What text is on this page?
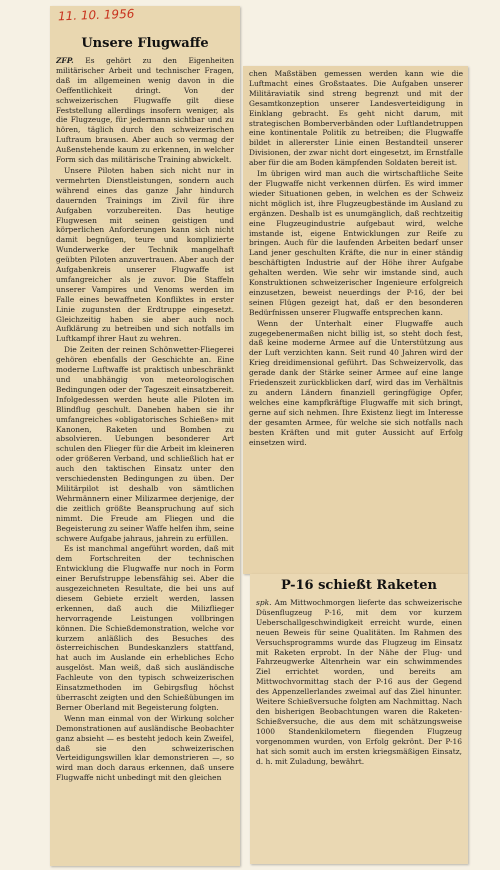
11. 10. 1956
Unsere Flugwaffe

ZFP. Es gehört zu den Eigenheiten militärischer Arbeit und technischer Fragen, daß im allgemeinen wenig davon in die Oeffentlichkeit dringt. Von der schweizerischen Flugwaffe gilt diese Feststellung allerdings insofern weniger, als die Flugzeuge, für jedermann sichtbar und zu hören, täglich durch den schweizerischen Luftraum brausen. Aber auch so vermag der Außenstehende kaum zu erkennen, in welcher Form sich das militärische Training abwickelt.

Unsere Piloten haben sich nicht nur in vermehrten Dienstleistungen, sondern auch während eines das ganze Jahr hindurch dauernden Trainings im Zivil für ihre Aufgaben vorzubereiten. Das heutige Flugwesen mit seinen geistigen und körperlichen Anforderungen kann sich nicht damit begnügen, teure und komplizierte Wunderwerke der Technik mangelhaft geübten Piloten anzuvertrauen. Aber auch der Aufgabenkreis unserer Flugwaffe ist umfangreicher als je zuvor. Die Staffeln unserer Vampires und Venoms werden im Falle eines bewaffneten Konfliktes in erster Linie zugunsten der Erdtruppe eingesetzt. Gleichzeitig haben sie aber auch noch Aufklärung zu betreiben und sich notfalls im Luftkampf ihrer Haut zu wehren.

Die Zeiten der reinen Schönwetter-Fliegerei gehören ebenfalls der Geschichte an. Eine moderne Luftwaffe ist praktisch unbeschränkt und unabhängig von meteorologischen Bedingungen oder der Tageszeit einsatzbereit. Infolgedessen werden heute alle Piloten im Blindflug geschult. Daneben haben sie ihr umfangreiches «obligatorisches Schießen» mit Kanonen, Raketen und Bomben zu absolvieren. Uebungen besonderer Art schulen den Flieger für die Arbeit im kleineren oder größeren Verband, und schließlich hat er auch den taktischen Einsatz unter den verschiedensten Bedingungen zu üben. Der Militärpilot ist deshalb von sämtlichen Wehrmännern einer Milizarmee derjenige, der die zeitlich größte Beanspruchung auf sich nimmt. Die Freude am Fliegen und die Begeisterung zu seiner Waffe helfen ihm, seine schwere Aufgabe jahraus, jahrein zu erfüllen.

Es ist manchmal angeführt worden, daß mit dem Fortschreiten der technischen Entwicklung die Flugwaffe nur noch in Form einer Berufstruppe lebensfähig sei. Aber die ausgezeichneten Resultate, die bei uns auf diesem Gebiete erzielt werden, lassen erkennen, daß auch die Milizflieger hervorragende Leistungen vollbringen können. Die Schießdemonstration, welche vor kurzem anläßlich des Besuches des österreichischen Bundeskanzlers stattfand, hat auch im Auslande ein erhebliches Echo ausgelöst. Man weiß, daß sich ausländische Fachleute von den typisch schweizerischen Einsatzmethoden im Gebirgsflug höchst überrascht zeigten und den Schießübungen im Berner Oberland mit Begeisterung folgten.

Wenn man einmal von der Wirkung solcher Demonstrationen auf ausländische Beobachter ganz absieht — es besteht jedoch kein Zweifel, daß sie den schweizerischen Verteidigungswillen klar demonstrieren —, so wird man doch daraus erkennen, daß unsere Flugwaffe nicht unbedingt mit den gleichen

chen Maßstäben gemessen werden kann wie die Luftmacht eines Großstaates. Die Aufgaben unserer Militäraviatik sind streng begrenzt und mit der Gesamtkonzeption unserer Landesverteidigung in Einklang gebracht. Es geht nicht darum, mit strategischen Bomberverbänden oder Luftlandetruppen eine kontinentale Politik zu betreiben; die Flugwaffe bildet in allererster Linie einen Bestandteil unserer Divisionen, der zwar nicht dort eingesetzt, im Ernstfalle aber für die am Boden kämpfenden Soldaten bereit ist.

Im übrigen wird man auch die wirtschaftliche Seite der Flugwaffe nicht verkennen dürfen. Es wird immer wieder Situationen geben, in welchen es der Schweiz nicht möglich ist, ihre Flugzeugbestände im Ausland zu ergänzen. Deshalb ist es unumgänglich, daß rechtzeitig eine Flugzeugindustrie aufgebaut wird, welche imstande ist, eigene Entwicklungen zur Reife zu bringen. Auch für die laufenden Arbeiten bedarf unser Land jener geschulten Kräfte, die nur in einer ständig beschäftigten Industrie auf der Höhe ihrer Aufgabe gehalten werden. Wie sehr wir imstande sind, auch Konstruktionen schweizerischer Ingenieure erfolgreich einzusetzen, beweist neuerdings der P-16, der bei seinen Flügen gezeigt hat, daß er den besonderen Bedürfnissen unserer Flugwaffe entsprechen kann.

Wenn der Unterhalt einer Flugwaffe auch zugegebenermaßen nicht billig ist, so steht doch fest, daß keine moderne Armee auf die Unterstützung aus der Luft verzichten kann. Seit rund 40 Jahren wird der Krieg dreidimensional geführt. Das Schweizervolk, das gerade dank der Stärke seiner Armee auf eine lange Friedenszeit zurückblicken darf, wird das im Verhältnis zu andern Ländern finanziell geringfügige Opfer, welches eine kampfkräftige Flugwaffe mit sich bringt, gerne auf sich nehmen. Ihre Existenz liegt im Interesse der gesamten Armee, für welche sie sich notfalls nach besten Kräften und mit guter Aussicht auf Erfolg einsetzen wird.

P-16 schießt Raketen

spk. Am Mittwochmorgen lieferte das schweizerische Düsenflugzeug P-16, mit dem vor kurzem Ueberschallgeschwindigkeit erreicht wurde, einen neuen Beweis für seine Qualitäten. Im Rahmen des Versuchsprogramms wurde das Flugzeug im Einsatz mit Raketen erprobt. In der Nähe der Flug- und Fahrzeugwerke Altenrhein war ein schwimmendes Ziel errichtet worden, und bereits am Mittwochvormittag stach der P-16 aus der Gegend des Appenzellerlandes zweimal auf das Ziel hinunter. Weitere Schießversuche folgten am Nachmittag. Nach den bisherigen Beobachtungen waren die Raketen-Schießversuche, die aus dem mit schätzungsweise 1000 Standenkilometern fliegenden Flugzeug vorgenommen wurden, von Erfolg gekrönt. Der P-16 hat sich somit auch im ersten kriegsmäßigen Einsatz, d. h. mit Zuladung, bewährt.
